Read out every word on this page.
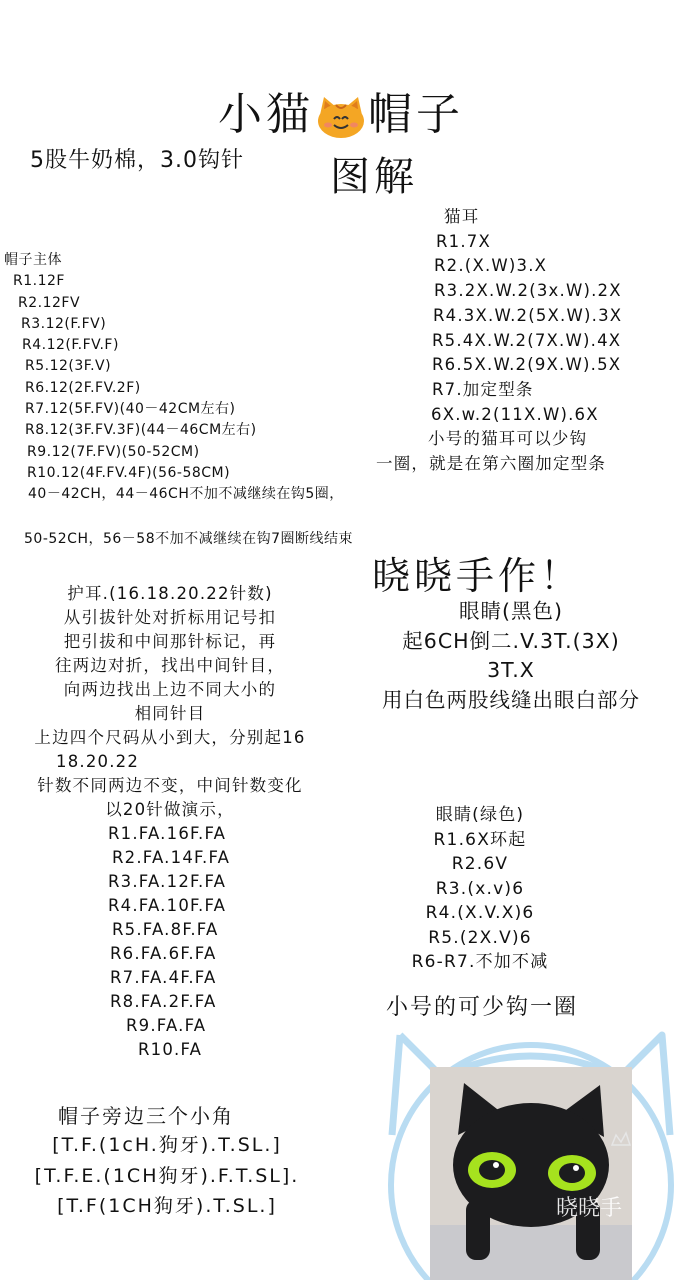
小猫 帽子
5股牛奶棉，3.0钩针 图解
帽子主体
R1.12F
R2.12FV
R3.12(F.FV)
R4.12(F.FV.F)
R5.12(3F.V)
R6.12(2F.FV.2F)
R7.12(5F.FV)(40－42CM左右)
R8.12(3F.FV.3F)(44－46CM左右)
R9.12(7F.FV)(50-52CM)
R10.12(4F.FV.4F)(56-58CM)
40－42CH，44－46CH不加不减继续在钩5圈，
50-52CH，56－58不加不减继续在钩7圈断线结束
猫耳
R1.7X
R2.(X.W)3.X
R3.2X.W.2(3x.W).2X
R4.3X.W.2(5X.W).3X
R5.4X.W.2(7X.W).4X
R6.5X.W.2(9X.W).5X
R7.加定型条
6X.w.2(11X.W).6X
小号的猫耳可以少钩
一圈，就是在第六圈加定型条
晓晓手作！
眼睛(黑色)
起6CH倒二.V.3T.(3X)
3T.X
用白色两股线缝出眼白部分
护耳.(16.18.20.22针数)
从引拔针处对折标用记号扣
把引拔和中间那针标记，再
往两边对折，找出中间针目，
向两边找出上边不同大小的
相同针目
上边四个尺码从小到大，分别起16
18.20.22
针数不同两边不变，中间针数变化
以20针做演示，
R1.FA.16F.FA
R2.FA.14F.FA
R3.FA.12F.FA
R4.FA.10F.FA
R5.FA.8F.FA
R6.FA.6F.FA
R7.FA.4F.FA
R8.FA.2F.FA
R9.FA.FA
R10.FA
帽子旁边三个小角
[T.F.(1cH.狗牙).T.SL.]
[T.F.E.(1CH狗牙).F.T.SL].
[T.F(1CH狗牙).T.SL.]
眼睛(绿色)
R1.6X环起
R2.6V
R3.(x.v)6
R4.(X.V.X)6
R5.(2X.V)6
R6-R7.不加不减
小号的可少钩一圈
晓晓手
